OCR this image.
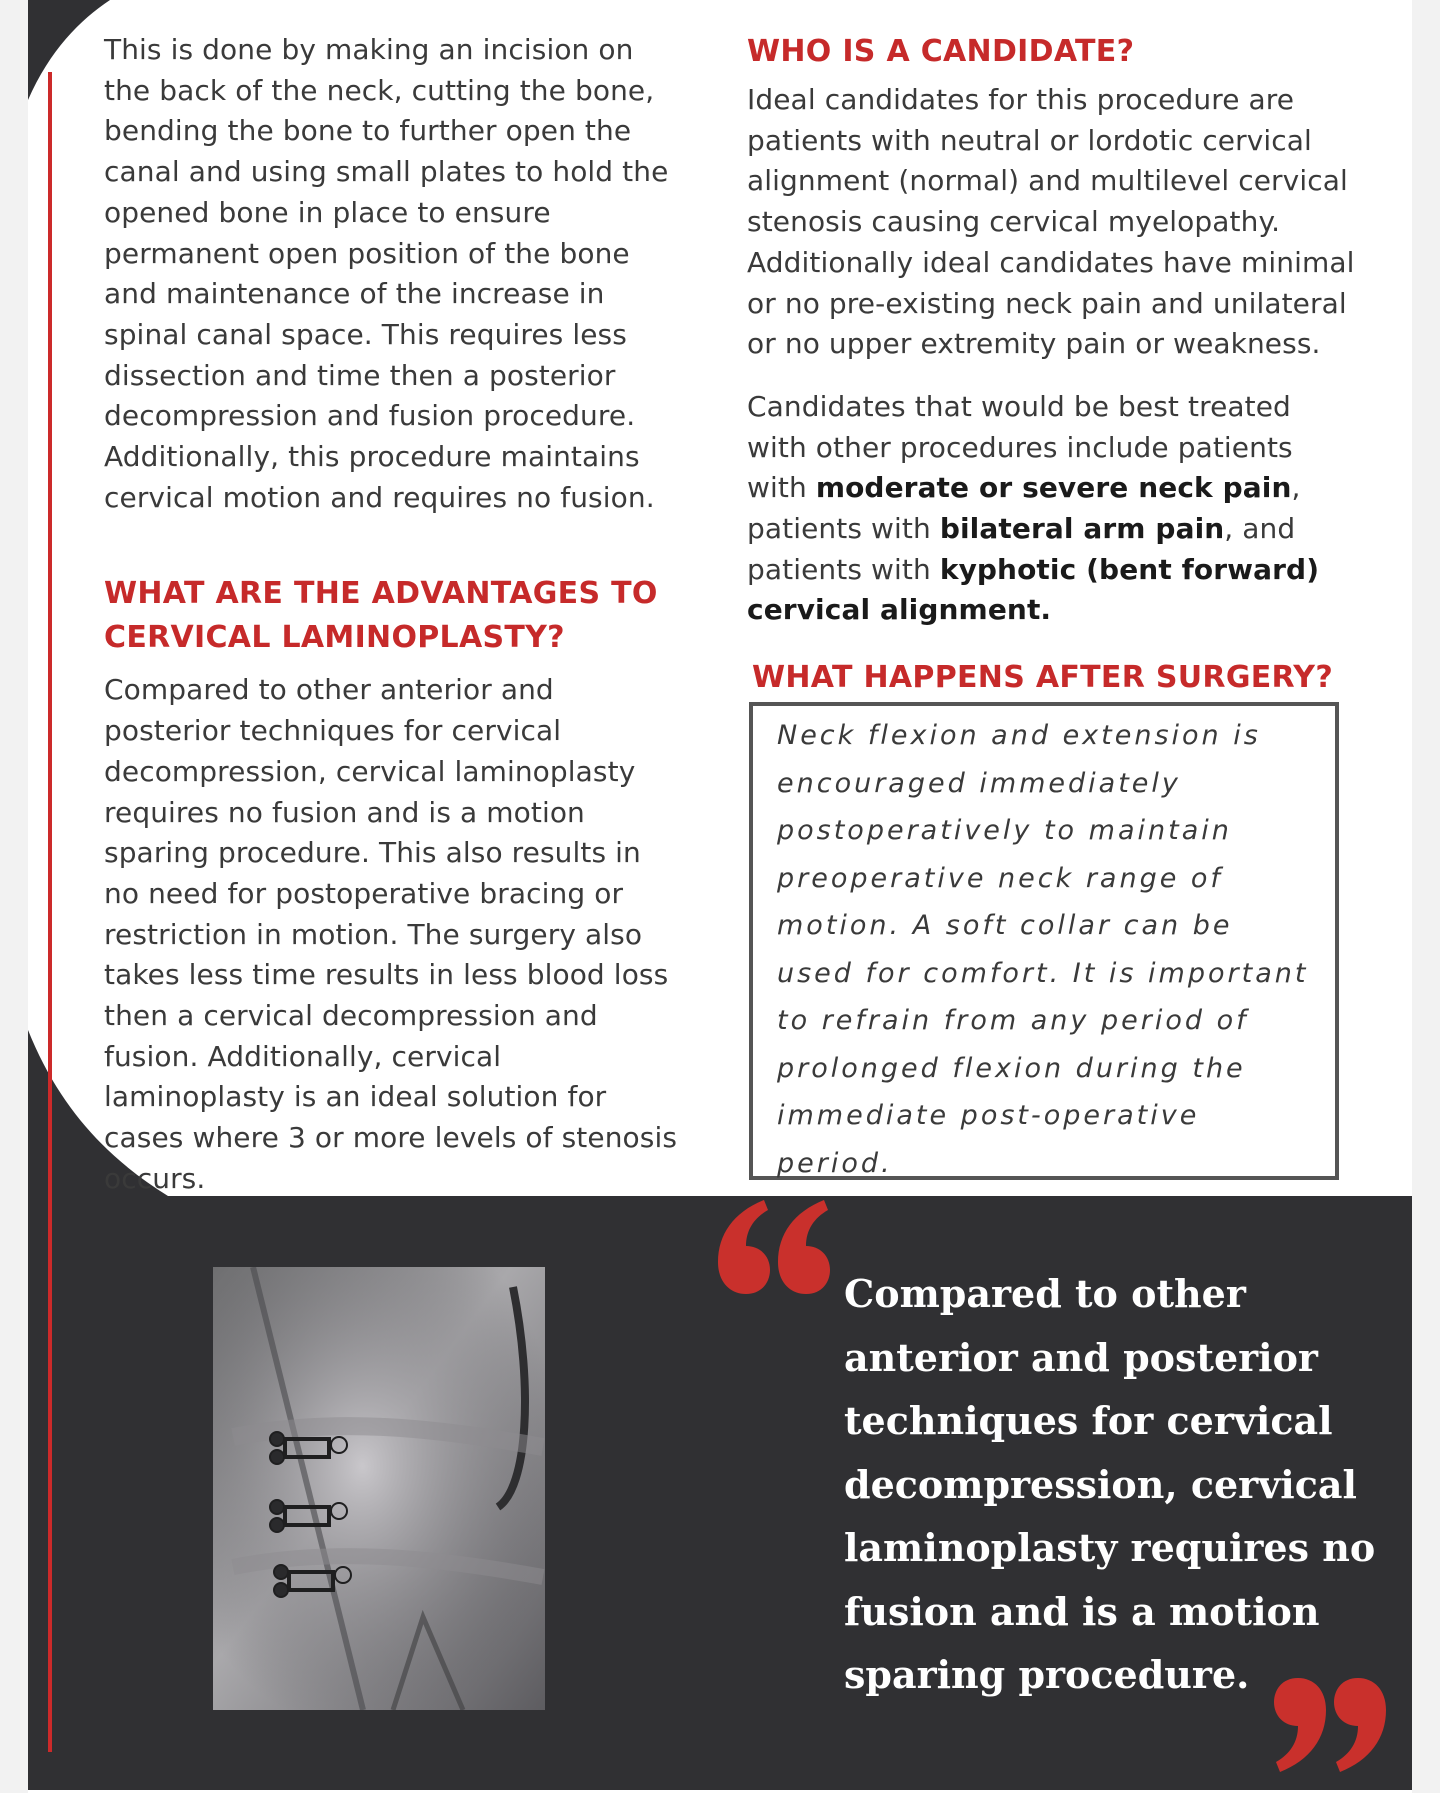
This is done by making an incision on the back of the neck, cutting the bone, bending the bone to further open the canal and using small plates to hold the opened bone in place to ensure permanent open position of the bone and maintenance of the increase in spinal canal space. This requires less dissection and time then a posterior decompression and fusion procedure. Additionally, this procedure maintains cervical motion and requires no fusion.

WHAT ARE THE ADVANTAGES TO CERVICAL LAMINOPLASTY?

Compared to other anterior and posterior techniques for cervical decompression, cervical laminoplasty requires no fusion and is a motion sparing procedure. This also results in no need for postoperative bracing or restriction in motion. The surgery also takes less time results in less blood loss then a cervical decompression and fusion. Additionally, cervical laminoplasty is an ideal solution for cases where 3 or more levels of stenosis occurs.

WHO IS A CANDIDATE?

Ideal candidates for this procedure are patients with neutral or lordotic cervical alignment (normal) and multilevel cervical stenosis causing cervical myelopathy. Additionally ideal candidates have minimal or no pre-existing neck pain and unilateral or no upper extremity pain or weakness.

Candidates that would be best treated with other procedures include patients with moderate or severe neck pain, patients with bilateral arm pain, and patients with kyphotic (bent forward) cervical alignment.

WHAT HAPPENS AFTER SURGERY?

Neck flexion and extension is encouraged immediately postoperatively to maintain preoperative neck range of motion. A soft collar can be used for comfort. It is important to refrain from any period of prolonged flexion during the immediate post-operative period.

Compared to other anterior and posterior techniques for cervical decompression, cervical laminoplasty requires no fusion and is a motion sparing procedure.
